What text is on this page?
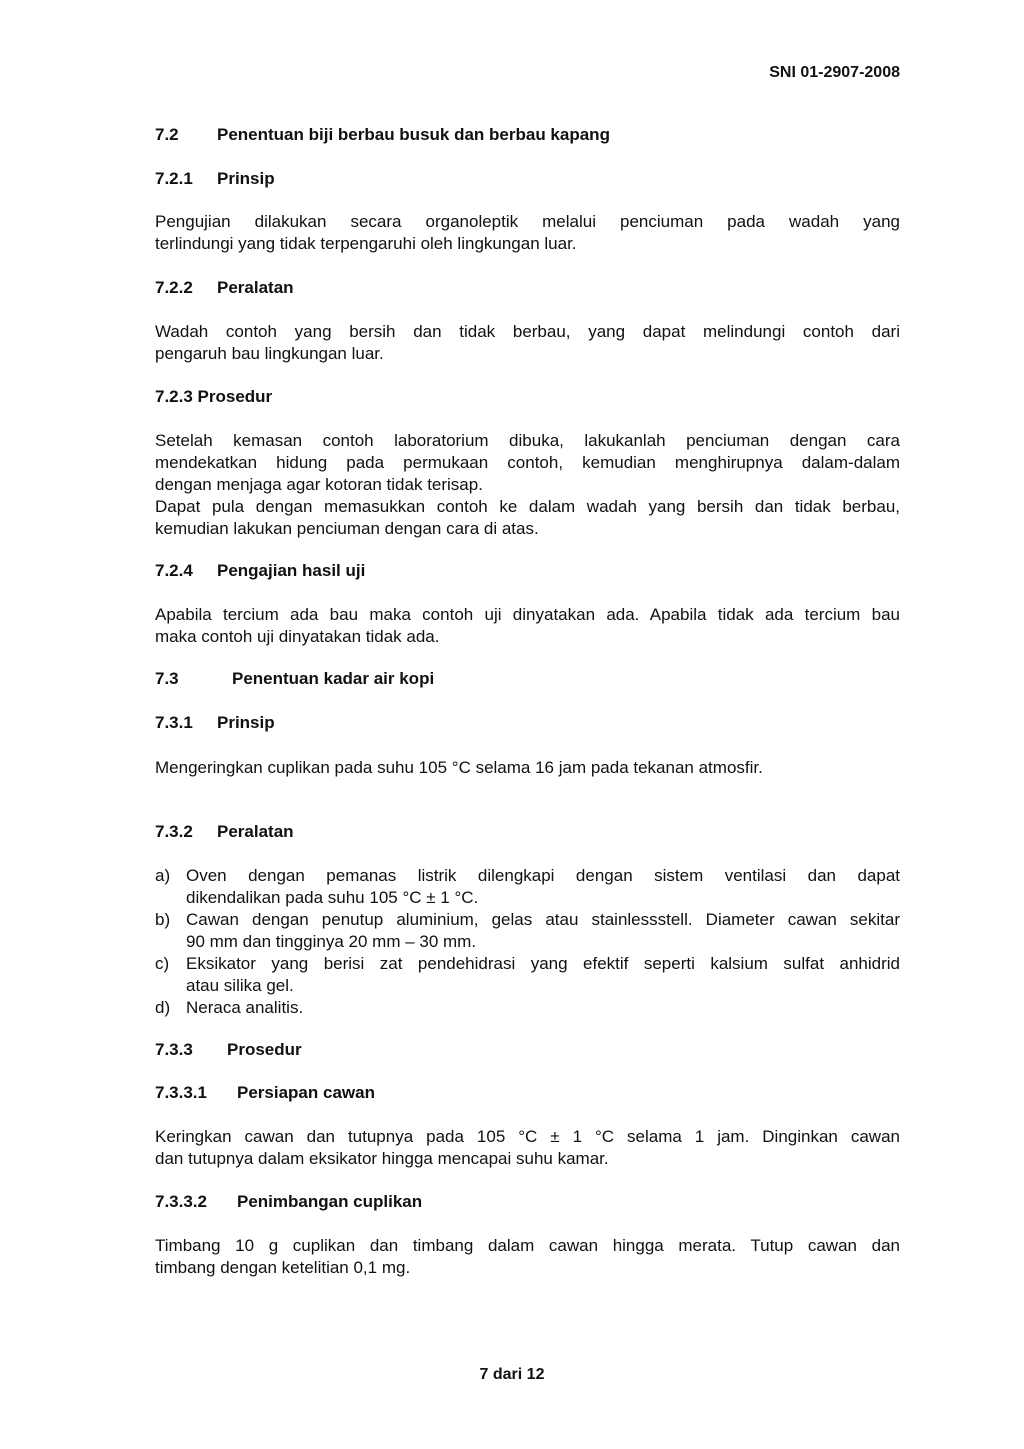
SNI 01-2907-2008
7.2 Penentuan biji berbau busuk dan berbau kapang
7.2.1 Prinsip
Pengujian dilakukan secara organoleptik melalui penciuman pada wadah yang
terlindungi yang tidak terpengaruhi oleh lingkungan luar.
7.2.2 Peralatan
Wadah contoh yang bersih dan tidak berbau, yang dapat melindungi contoh dari
pengaruh bau lingkungan luar.
7.2.3 Prosedur
Setelah kemasan contoh laboratorium dibuka, lakukanlah penciuman dengan cara
mendekatkan hidung pada permukaan contoh, kemudian menghirupnya dalam-dalam
dengan menjaga agar kotoran tidak terisap.
Dapat pula dengan memasukkan contoh ke dalam wadah yang bersih dan tidak berbau,
kemudian lakukan penciuman dengan cara di atas.
7.2.4 Pengajian hasil uji
Apabila tercium ada bau maka contoh uji dinyatakan ada. Apabila tidak ada tercium bau
maka contoh uji dinyatakan tidak ada.
7.3	Penentuan kadar air kopi
7.3.1 Prinsip
Mengeringkan cuplikan pada suhu 105 °C selama 16 jam pada tekanan atmosfir.
7.3.2 Peralatan
a) Oven dengan pemanas listrik dilengkapi dengan sistem ventilasi dan dapat
dikendalikan pada suhu 105 °C ± 1 °C.
b) Cawan dengan penutup aluminium, gelas atau stainlessstell. Diameter cawan sekitar
90 mm dan tingginya 20 mm – 30 mm.
c) Eksikator yang berisi zat pendehidrasi yang efektif seperti kalsium sulfat anhidrid
atau silika gel.
d) Neraca analitis.
7.3.3 Prosedur
7.3.3.1 Persiapan cawan
Keringkan cawan dan tutupnya pada 105 °C ± 1 °C selama 1 jam. Dinginkan cawan
dan tutupnya dalam eksikator hingga mencapai suhu kamar.
7.3.3.2 Penimbangan cuplikan
Timbang 10 g cuplikan dan timbang dalam cawan hingga merata. Tutup cawan dan
timbang dengan ketelitian 0,1 mg.
7 dari 12
